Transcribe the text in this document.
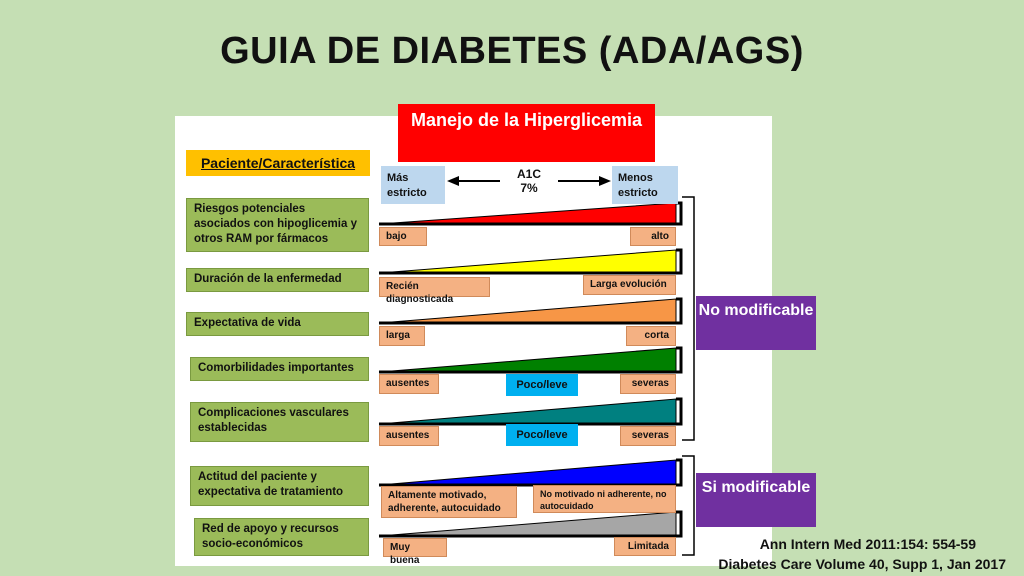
GUIA DE DIABETES (ADA/AGS)
Manejo de la Hiperglicemia
Paciente/Característica
Más estricto
Menos estricto
A1C
7%
Riesgos potenciales asociados con hipoglicemia y otros RAM por fármacos
Duración de la enfermedad
Expectativa de vida
Comorbilidades importantes
Complicaciones vasculares establecidas
Actitud del paciente y expectativa de tratamiento
Red de apoyo y recursos socio-económicos
bajo	alto
Recién diagnosticada
Larga evolución
larga	corta
ausentes	Poco/leve	severas
ausentes	Poco/leve	severas
Altamente motivado, adherente, autocuidado
No motivado ni adherente, no autocuidado
Muy buena
Limitada
No modificable
Si modificable
Ann Intern Med 2011:154: 554-59
Diabetes Care Volume 40, Supp 1, Jan 2017
